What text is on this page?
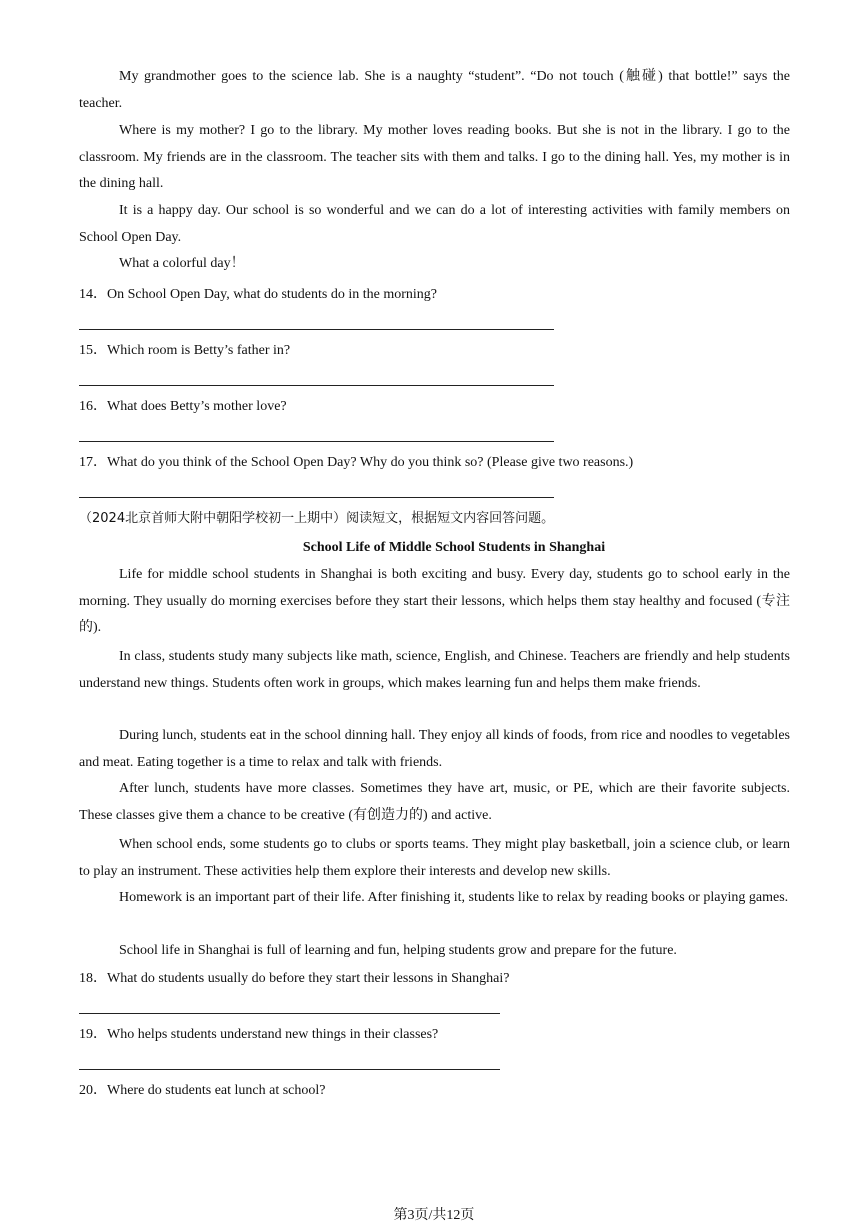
My grandmother goes to the science lab. She is a naughty “student”. “Do not touch (触碰) that bottle!” says the teacher.

Where is my mother? I go to the library. My mother loves reading books. But she is not in the library. I go to the classroom. My friends are in the classroom. The teacher sits with them and talks. I go to the dining hall. Yes, my mother is in the dining hall.

It is a happy day. Our school is so wonderful and we can do a lot of interesting activities with family members on School Open Day.

What a colorful day！

14．On School Open Day, what do students do in the morning?

15．Which room is Betty’s father in?

16．What does Betty’s mother love?

17．What do you think of the School Open Day? Why do you think so? (Please give two reasons.)

（2024北京首师大附中朝阳学校初一上期中）阅读短文，根据短文内容回答问题。

School Life of Middle School Students in Shanghai

Life for middle school students in Shanghai is both exciting and busy. Every day, students go to school early in the morning. They usually do morning exercises before they start their lessons, which helps them stay healthy and focused (专注的).

In class, students study many subjects like math, science, English, and Chinese. Teachers are friendly and help students understand new things. Students often work in groups, which makes learning fun and helps them make friends.

During lunch, students eat in the school dinning hall. They enjoy all kinds of foods, from rice and noodles to vegetables and meat. Eating together is a time to relax and talk with friends.

After lunch, students have more classes. Sometimes they have art, music, or PE, which are their favorite subjects. These classes give them a chance to be creative (有创造力的) and active.

When school ends, some students go to clubs or sports teams. They might play basketball, join a science club, or learn to play an instrument. These activities help them explore their interests and develop new skills.

Homework is an important part of their life. After finishing it, students like to relax by reading books or playing games.

School life in Shanghai is full of learning and fun, helping students grow and prepare for the future.

18．What do students usually do before they start their lessons in Shanghai?

19．Who helps students understand new things in their classes?

20．Where do students eat lunch at school?

第3页/共12页
